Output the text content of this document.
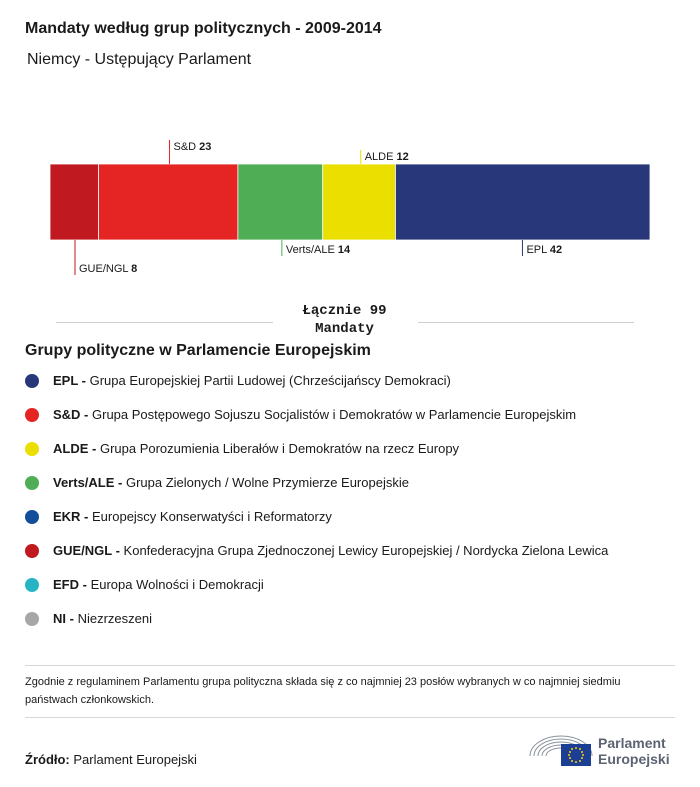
Mandaty według grup politycznych - 2009-2014
Niemcy - Ustępujący Parlament
GUE/NGL 8
S&D 23
Verts/ALE 14
ALDE 12
EPL 42
Łącznie 99
Mandaty
Grupy polityczne w Parlamencie Europejskim
EPL - Grupa Europejskiej Partii Ludowej (Chrześcijańscy Demokraci)
S&D - Grupa Postępowego Sojuszu Socjalistów i Demokratów w Parlamencie Europejskim
ALDE - Grupa Porozumienia Liberałów i Demokratów na rzecz Europy
Verts/ALE - Grupa Zielonych / Wolne Przymierze Europejskie
EKR - Europejscy Konserwatyści i Reformatorzy
GUE/NGL - Konfederacyjna Grupa Zjednoczonej Lewicy Europejskiej / Nordycka Zielona Lewica
EFD - Europa Wolności i Demokracji
NI - Niezrzeszeni
Zgodnie z regulaminem Parlamentu grupa polityczna składa się z co najmniej 23 posłów wybranych w co najmniej siedmiu państwach członkowskich.
Źródło: Parlament Europejski
Parlament
Europejski
